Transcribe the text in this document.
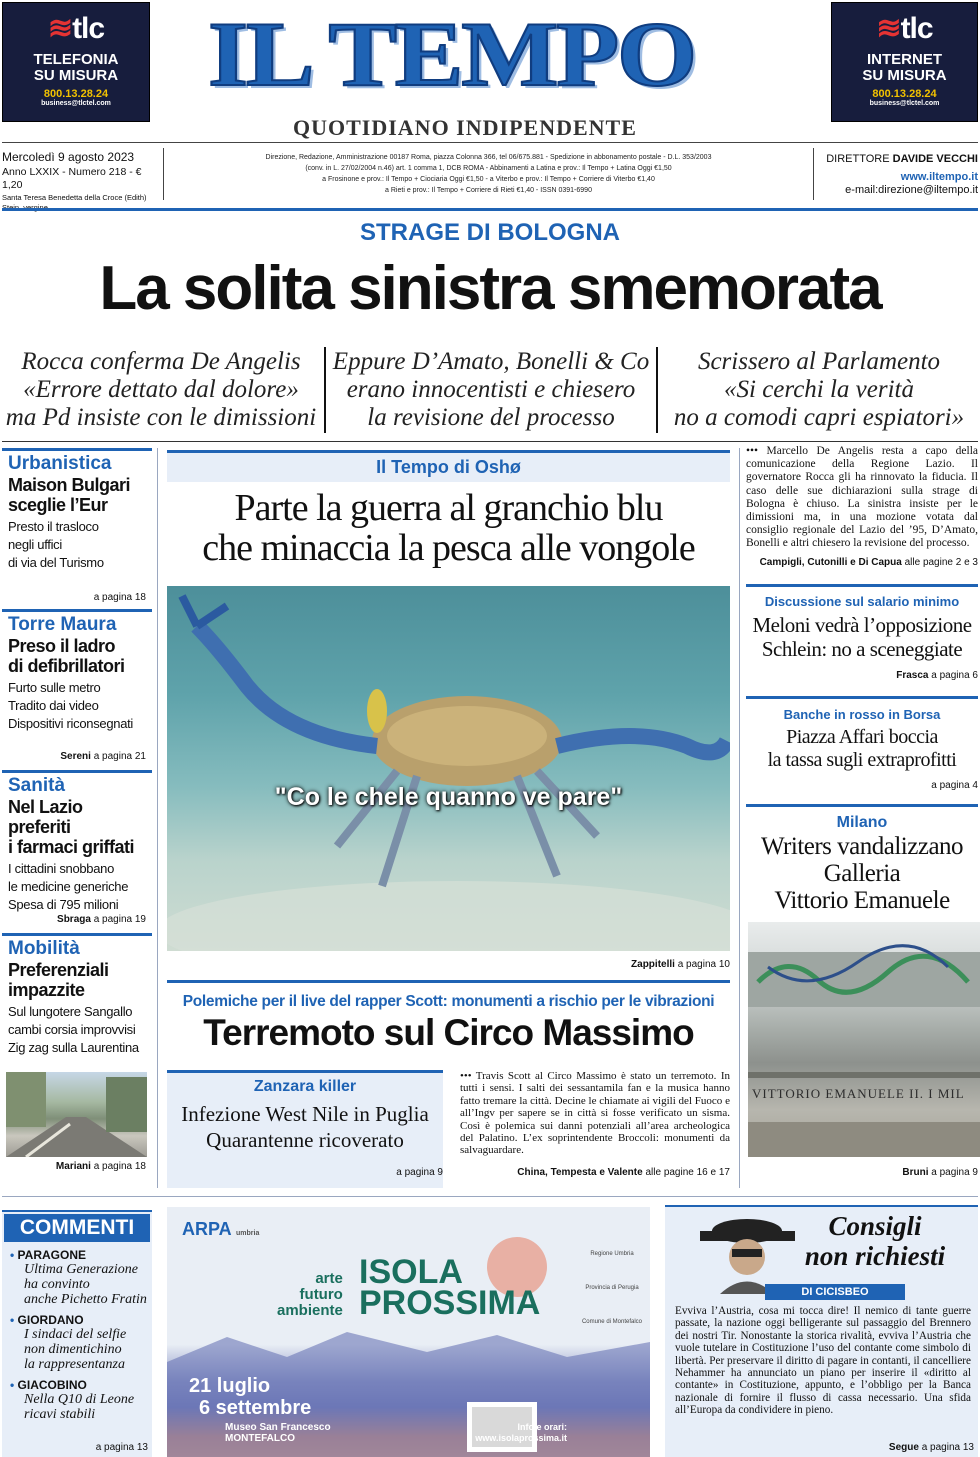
≋tlc
TELEFONIA
SU MISURA
800.13.28.24
business@tlctel.com
≋tlc
INTERNET
SU MISURA
800.13.28.24
business@tlctel.com
IL TEMPO
QUOTIDIANO INDIPENDENTE
Mercoledì 9 agosto 2023
Anno LXXIX - Numero 218 - € 1,20
Santa Teresa Benedetta della Croce (Edith)
Direzione, Redazione, Amministrazione 00187 Roma, piazza Colonna 366, tel 06/675.881 - Spedizione in abbonamento postale - D.L. 353/2003
(conv. in L. 27/02/2004 n.46) art. 1 comma 1, DCB ROMA - Abbinamenti a Latina e prov.: Il Tempo + Latina Oggi €1,50
a Frosinone e prov.: Il Tempo + Ciociaria Oggi €1,50 - a Viterbo e prov.: Il Tempo + Corriere di Viterbo €1,40
a Rieti e prov.: Il Tempo + Corriere di Rieti €1,40 - ISSN 0391-6990
DIRETTORE DAVIDE VECCHI
www.iltempo.it
e-mail:direzione@iltempo.it
STRAGE DI BOLOGNA
La solita sinistra smemorata
Rocca conferma De Angelis
«Errore dettato dal dolore»
ma Pd insiste con le dimissioni
Eppure D’Amato, Bonelli & Co
erano innocentisti e chiesero
la revisione del processo
Scrissero al Parlamento
«Si cerchi la verità
no a comodi capri espiatori»
Urbanistica
Maison Bulgari
sceglie l’Eur
Presto il trasloco
negli uffici
di via del Turismo
a pagina 18
Torre Maura
Preso il ladro
di defibrillatori
Furto sulle metro
Tradito dai video
Dispositivi riconsegnati
Sereni a pagina 21
Sanità
Nel Lazio preferiti
i farmaci griffati
I cittadini snobbano
le medicine generiche
Spesa di 795 milioni
Sbraga a pagina 19
Mobilità
Preferenziali
impazzite
Sul lungotere Sangallo
cambi corsia improvvisi
Zig zag sulla Laurentina
Mariani a pagina 18
Il Tempo di Oshø
Parte la guerra al granchio blu
che minaccia la pesca alle vongole
"Co le chele quanno ve pare"
Zappitelli a pagina 10
Polemiche per il live del rapper Scott: monumenti a rischio per le vibrazioni
Terremoto sul Circo Massimo
Zanzara killer
Infezione West Nile in Puglia
Quarantenne ricoverato
a pagina 9
••• Travis Scott al Circo Massimo è stato un terremoto. In tutti i sensi. I salti dei sessantamila fan e la musica hanno fatto tremare la città. Decine le chiamate ai vigili del Fuoco e all’Ingv per sapere se in città si fosse verificato un sisma. Così è polemica sui danni potenziali all’area archeologica del Palatino. L’ex soprintendente Broccoli: monumenti da salvaguardare.
China, Tempesta e Valente alle pagine 16 e 17
••• Marcello De Angelis resta a capo della comunicazione della Regione Lazio. Il governatore Rocca gli ha rinnovato la fiducia. Il caso delle sue dichiarazioni sulla strage di Bologna è chiuso. La sinistra insiste per le dimissioni ma, in una mozione votata dal consiglio regionale del Lazio del ’95, D’Amato, Bonelli e altri chiesero la revisione del processo.
Campigli, Cutonilli e Di Capua alle pagine 2 e 3
Discussione sul salario minimo
Meloni vedrà l’opposizione
Schlein: no a sceneggiate
Frasca a pagina 6
Banche in rosso in Borsa
Piazza Affari boccia
la tassa sugli extraprofitti
a pagina 4
Milano
Writers vandalizzano
Galleria
Vittorio Emanuele
VITTORIO EMANUELE II. I MIL
Bruni a pagina 9
COMMENTI
• PARAGONE
Ultima Generazione
ha convinto
anche Pichetto Fratin
• GIORDANO
I sindaci del selfie
non dimentichino
la rappresentanza
• GIACOBINO
Nella Q10 di Leone
ricavi stabili
a pagina 13
ARPA umbria
arte
futuro
ambiente
ISOLA
PROSSIMA
21 luglio
6 settembre
Museo San Francesco
MONTEFALCO
Info e orari:
www.isolaprossima.it
Regione Umbria
Provincia di Perugia
Comune di Montefalco
Consigli
non richiesti
DI CICISBEO
Evviva l’Austria, cosa mi tocca dire! Il nemico di tante guerre passate, la nazione oggi belligerante sul passaggio del Brennero dei nostri Tir. Nonostante la storica rivalità, evviva l’Austria che vuole tutelare in Costituzione l’uso del contante come simbolo di libertà. Per preservare il diritto di pagare in contanti, il cancelliere Nehammer ha annunciato un piano per inserire il «diritto al contante» in Costituzione, appunto, e l’obbligo per la Banca nazionale di fornire il flusso di cassa necessario. Una sfida all’Europa da condividere in pieno.
Segue a pagina 13
